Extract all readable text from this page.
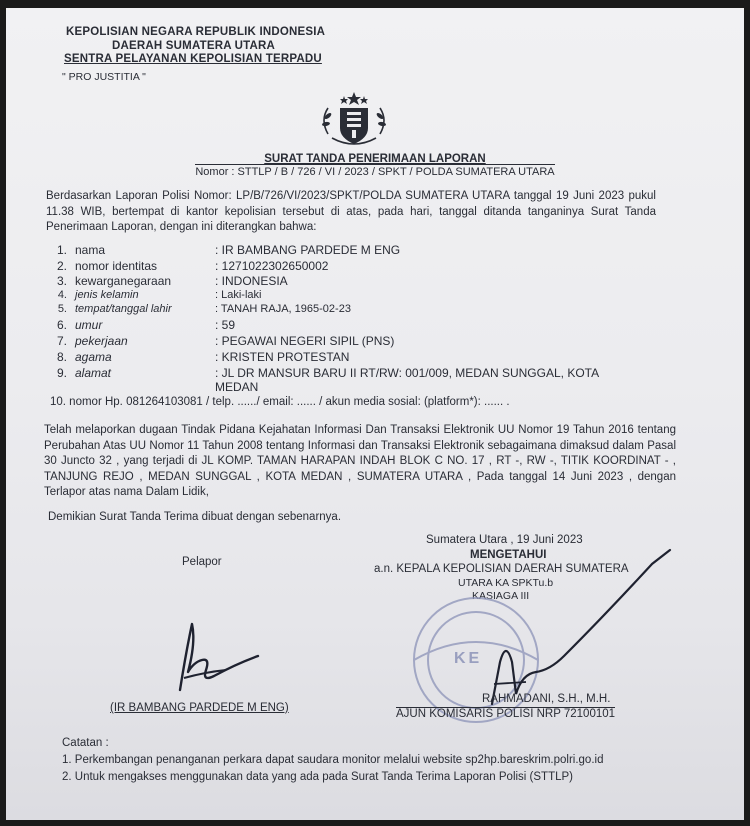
KEPOLISIAN NEGARA REPUBLIK INDONESIA
DAERAH SUMATERA UTARA
SENTRA PELAYANAN KEPOLISIAN TERPADU
" PRO JUSTITIA "
SURAT TANDA PENERIMAAN LAPORAN
Nomor : STTLP / B / 726 / VI / 2023 / SPKT / POLDA SUMATERA UTARA
Berdasarkan Laporan Polisi Nomor: LP/B/726/VI/2023/SPKT/POLDA SUMATERA UTARA tanggal 19 Juni 2023 pukul 11.38 WIB, bertempat di kantor kepolisian tersebut di atas, pada hari, tanggal ditanda tanganinya Surat Tanda Penerimaan Laporan, dengan ini diterangkan bahwa:
1. nama	: IR BAMBANG PARDEDE M ENG
2. nomor identitas	: 1271022302650002
3. kewarganegaraan	: INDONESIA
4. jenis kelamin	: Laki-laki
5. tempat/tanggal lahir	: TANAH RAJA, 1965-02-23
6. umur	: 59
7. pekerjaan	: PEGAWAI NEGERI SIPIL (PNS)
8. agama	: KRISTEN PROTESTAN
9. alamat	: JL DR MANSUR BARU II RT/RW: 001/009, MEDAN SUNGGAL, KOTA
MEDAN
10. nomor Hp. 081264103081 / telp. ....../ email: ...... / akun media sosial: (platform*): ...... .
Telah melaporkan dugaan Tindak Pidana Kejahatan Informasi Dan Transaksi Elektronik UU Nomor 19 Tahun 2016 tentang Perubahan Atas UU Nomor 11 Tahun 2008 tentang Informasi dan Transaksi Elektronik sebagaimana dimaksud dalam Pasal 30 Juncto 32 , yang terjadi di JL KOMP. TAMAN HARAPAN INDAH BLOK C NO. 17 , RT -, RW -, TITIK KOORDINAT - , TANJUNG REJO , MEDAN SUNGGAL , KOTA MEDAN , SUMATERA UTARA , Pada tanggal 14 Juni 2023 , dengan Terlapor atas nama Dalam Lidik,
Demikian Surat Tanda Terima dibuat dengan sebenarnya.
Sumatera Utara , 19 Juni 2023
MENGETAHUI
a.n. KEPALA KEPOLISIAN DAERAH SUMATERA
UTARA KA SPKTu.b
KASIAGA III
Pelapor
KE
(IR BAMBANG PARDEDE M ENG)
RAHMADANI, S.H., M.H.
AJUN KOMISARIS POLISI NRP 72100101
Catatan :
1. Perkembangan penanganan perkara dapat saudara monitor melalui website sp2hp.bareskrim.polri.go.id
2. Untuk mengakses menggunakan data yang ada pada Surat Tanda Terima Laporan Polisi (STTLP)
